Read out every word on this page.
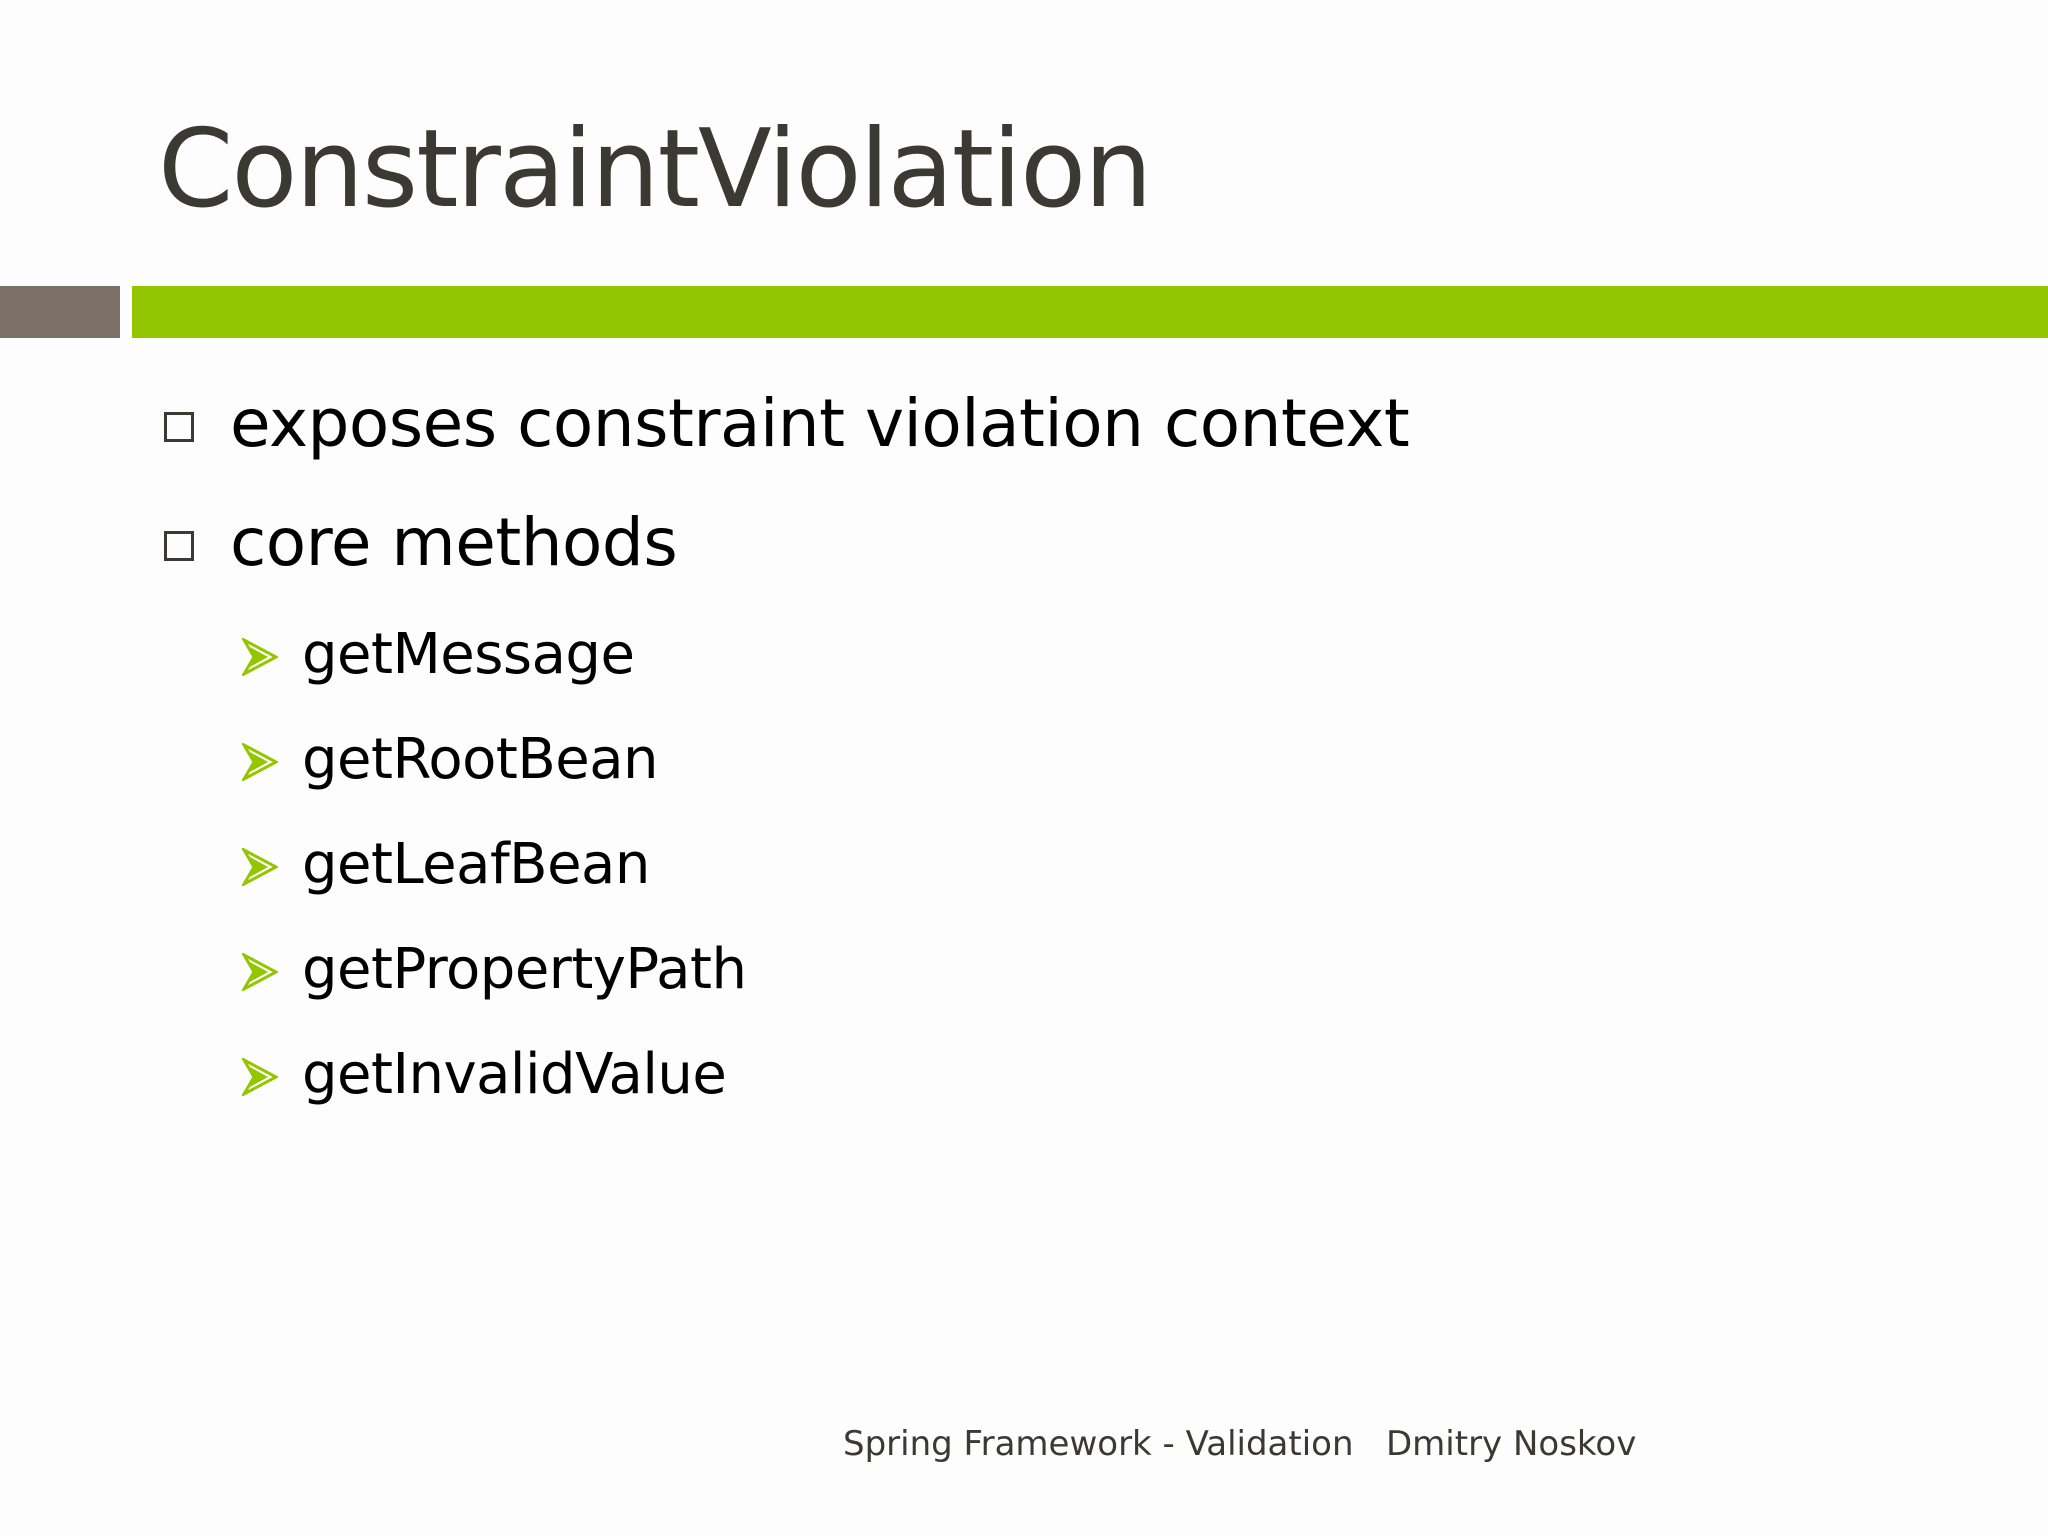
ConstraintViolation
exposes constraint violation context
core methods
getMessage
getRootBean
getLeafBean
getPropertyPath
getInvalidValue
Spring Framework - Validation Dmitry Noskov
